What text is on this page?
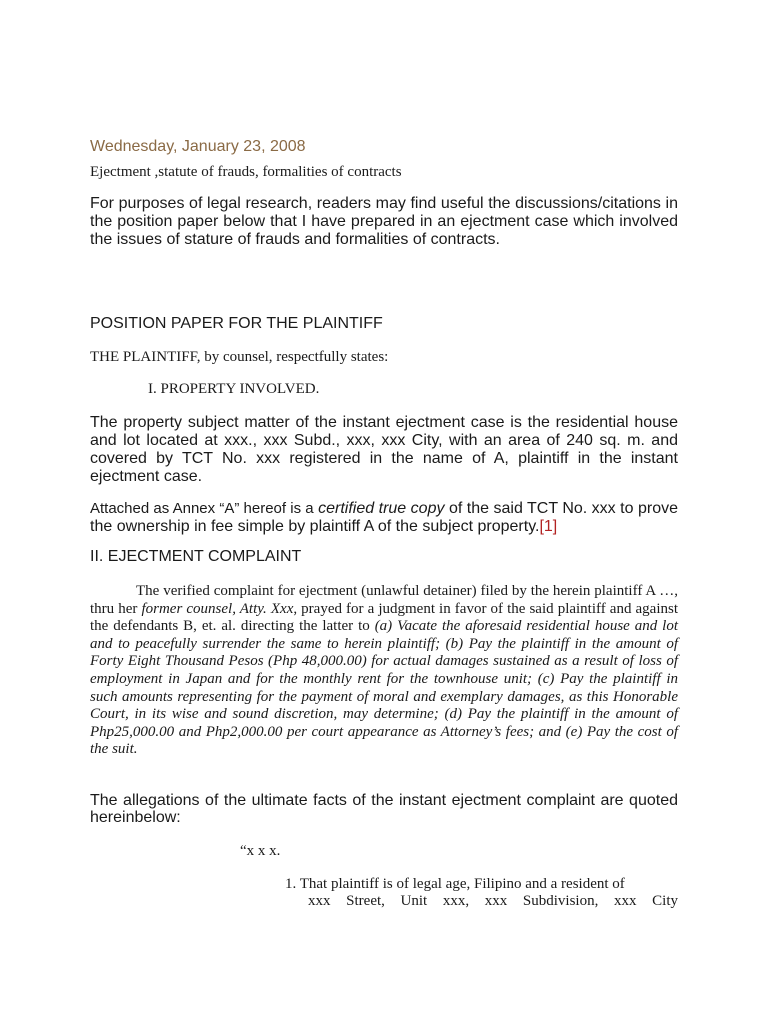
Wednesday, January 23, 2008
Ejectment ,statute of frauds, formalities of contracts

For purposes of legal research, readers may find useful the discussions/citations in the position paper below that I have prepared in an ejectment case which involved the issues of stature of frauds and formalities of contracts.

POSITION PAPER FOR THE PLAINTIFF
THE PLAINTIFF, by counsel, respectfully states:
I. PROPERTY INVOLVED.

The property subject matter of the instant ejectment case is the residential house and lot located at xxx., xxx Subd., xxx, xxx City, with an area of 240 sq. m. and covered by TCT No. xxx registered in the name of A, plaintiff in the instant ejectment case.

Attached as Annex “A” hereof is a certified true copy of the said TCT No. xxx to prove the ownership in fee simple by plaintiff A of the subject property.[1]

II. EJECTMENT COMPLAINT

The verified complaint for ejectment (unlawful detainer) filed by the herein plaintiff A …, thru her former counsel, Atty. Xxx, prayed for a judgment in favor of the said plaintiff and against the defendants B, et. al. directing the latter to (a) Vacate the aforesaid residential house and lot and to peacefully surrender the same to herein plaintiff; (b) Pay the plaintiff in the amount of Forty Eight Thousand Pesos (Php 48,000.00) for actual damages sustained as a result of loss of employment in Japan and for the monthly rent for the townhouse unit; (c) Pay the plaintiff in such amounts representing for the payment of moral and exemplary damages, as this Honorable Court, in its wise and sound discretion, may determine; (d) Pay the plaintiff in the amount of Php25,000.00 and Php2,000.00 per court appearance as Attorney’s fees; and (e) Pay the cost of the suit.

The allegations of the ultimate facts of the instant ejectment complaint are quoted hereinbelow:

“x x x.
1. That plaintiff is of legal age, Filipino and a resident of
xxx Street, Unit xxx, xxx Subdivision, xxx City
